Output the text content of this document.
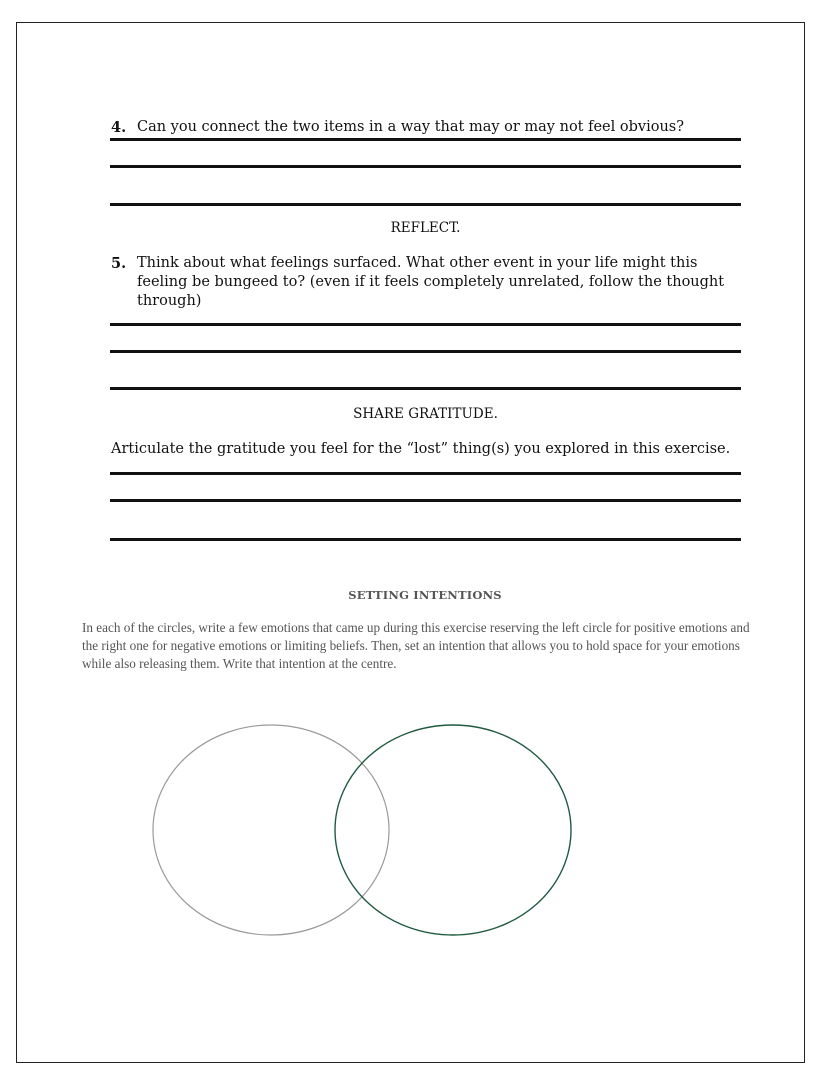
4. Can you connect the two items in a way that may or may not feel obvious?
REFLECT.
5. Think about what feelings surfaced. What other event in your life might this feeling be bungeed to? (even if it feels completely unrelated, follow the thought through)
SHARE GRATITUDE.
Articulate the gratitude you feel for the “lost” thing(s) you explored in this exercise.
SETTING INTENTIONS
In each of the circles, write a few emotions that came up during this exercise reserving the left circle for positive emotions and the right one for negative emotions or limiting beliefs. Then, set an intention that allows you to hold space for your emotions while also releasing them. Write that intention at the centre.
